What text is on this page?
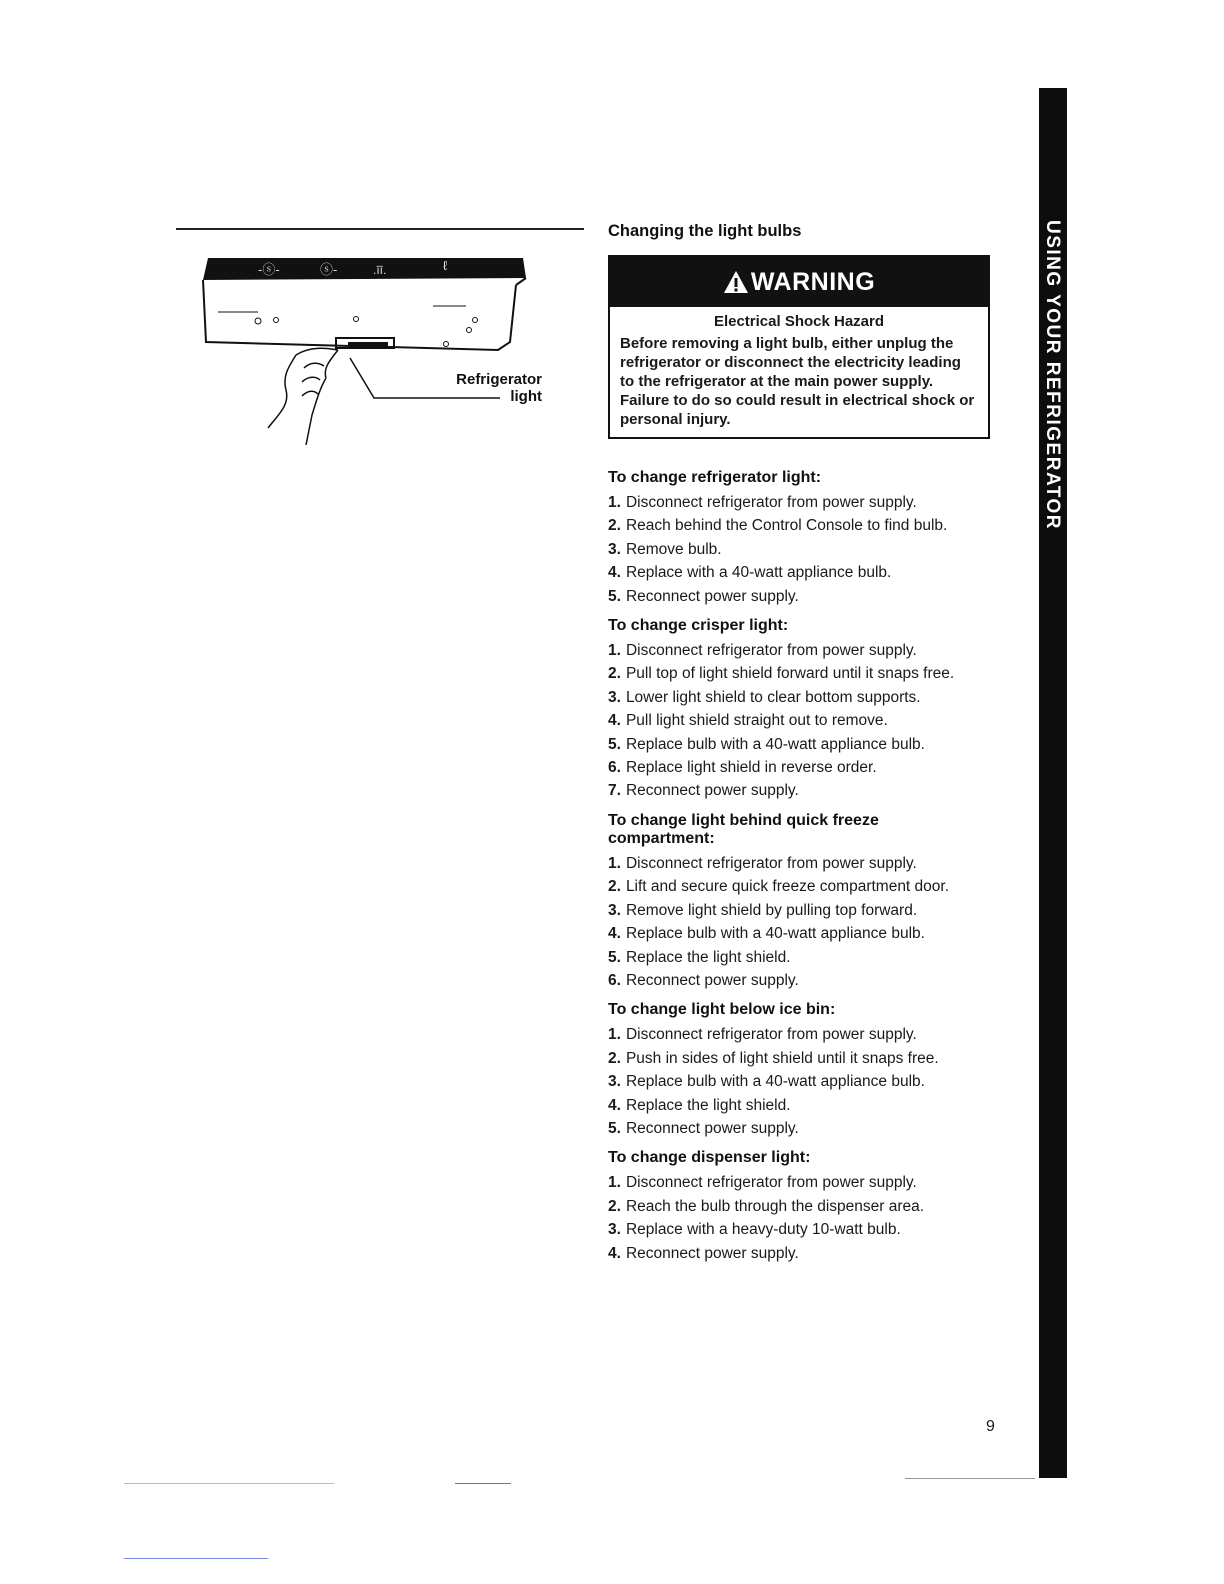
-ⓢ-	ⓢ-	.īī.	ℓ
Refrigerator
light
Changing the light bulbs
WARNING
Electrical Shock Hazard
Before removing a light bulb, either unplug the refrigerator or disconnect the electricity leading to the refrigerator at the main power supply. Failure to do so could result in electrical shock or personal injury.
To change refrigerator light:
1. Disconnect refrigerator from power supply.
2. Reach behind the Control Console to find bulb.
3. Remove bulb.
4. Replace with a 40-watt appliance bulb.
5. Reconnect power supply.
To change crisper light:
1. Disconnect refrigerator from power supply.
2. Pull top of light shield forward until it snaps free.
3. Lower light shield to clear bottom supports.
4. Pull light shield straight out to remove.
5. Replace bulb with a 40-watt appliance bulb.
6. Replace light shield in reverse order.
7. Reconnect power supply.
To change light behind quick freeze compartment:
1. Disconnect refrigerator from power supply.
2. Lift and secure quick freeze compartment door.
3. Remove light shield by pulling top forward.
4. Replace bulb with a 40-watt appliance bulb.
5. Replace the light shield.
6. Reconnect power supply.
To change light below ice bin:
1. Disconnect refrigerator from power supply.
2. Push in sides of light shield until it snaps free.
3. Replace bulb with a 40-watt appliance bulb.
4. Replace the light shield.
5. Reconnect power supply.
To change dispenser light:
1. Disconnect refrigerator from power supply.
2. Reach the bulb through the dispenser area.
3. Replace with a heavy-duty 10-watt bulb.
4. Reconnect power supply.
USING YOUR REFRIGERATOR
9
